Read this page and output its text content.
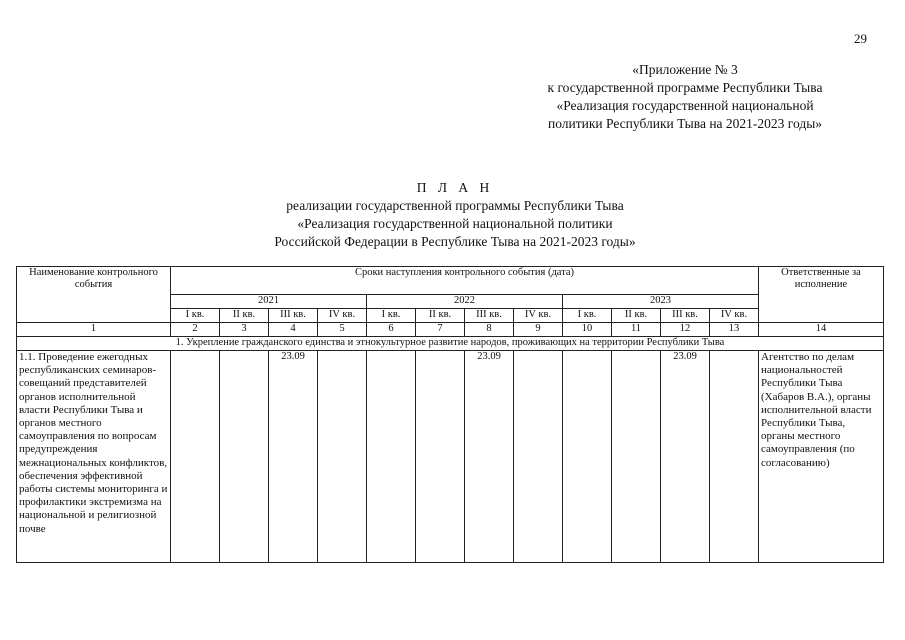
29
«Приложение № 3
к государственной программе Республики Тыва
«Реализация государственной национальной
политики Республики Тыва на 2021-2023 годы»
П Л А Н
реализации государственной программы Республики Тыва
«Реализация государственной национальной политики
Российской Федерации в Республике Тыва на 2021-2023 годы»
Наименование контрольного события	Сроки наступления контрольного события (дата)												Ответственные за исполнение
	2021				2022				2023				
	I кв.	II кв.	III кв.	IV кв.	I кв.	II кв.	III кв.	IV кв.	I кв.	II кв.	III кв.	IV кв.	
1	2	3	4	5	6	7	8	9	10	11	12	13	14
1. Укрепление гражданского единства и этнокультурное развитие народов, проживающих на территории Республики Тыва													
1.1. Проведение ежегодных республиканских семинаров-совещаний представителей органов исполнительной власти Республики Тыва и органов местного самоуправления по вопросам предупреждения межнациональных конфликтов, обеспечения эффективной работы системы мониторинга и профилактики экстремизма на национальной и религиозной почве			23.09				23.09				23.09		Агентство по делам национальностей Республики Тыва (Хабаров В.А.), органы исполнительной власти Республики Тыва, органы местного самоуправления (по согласованию)
